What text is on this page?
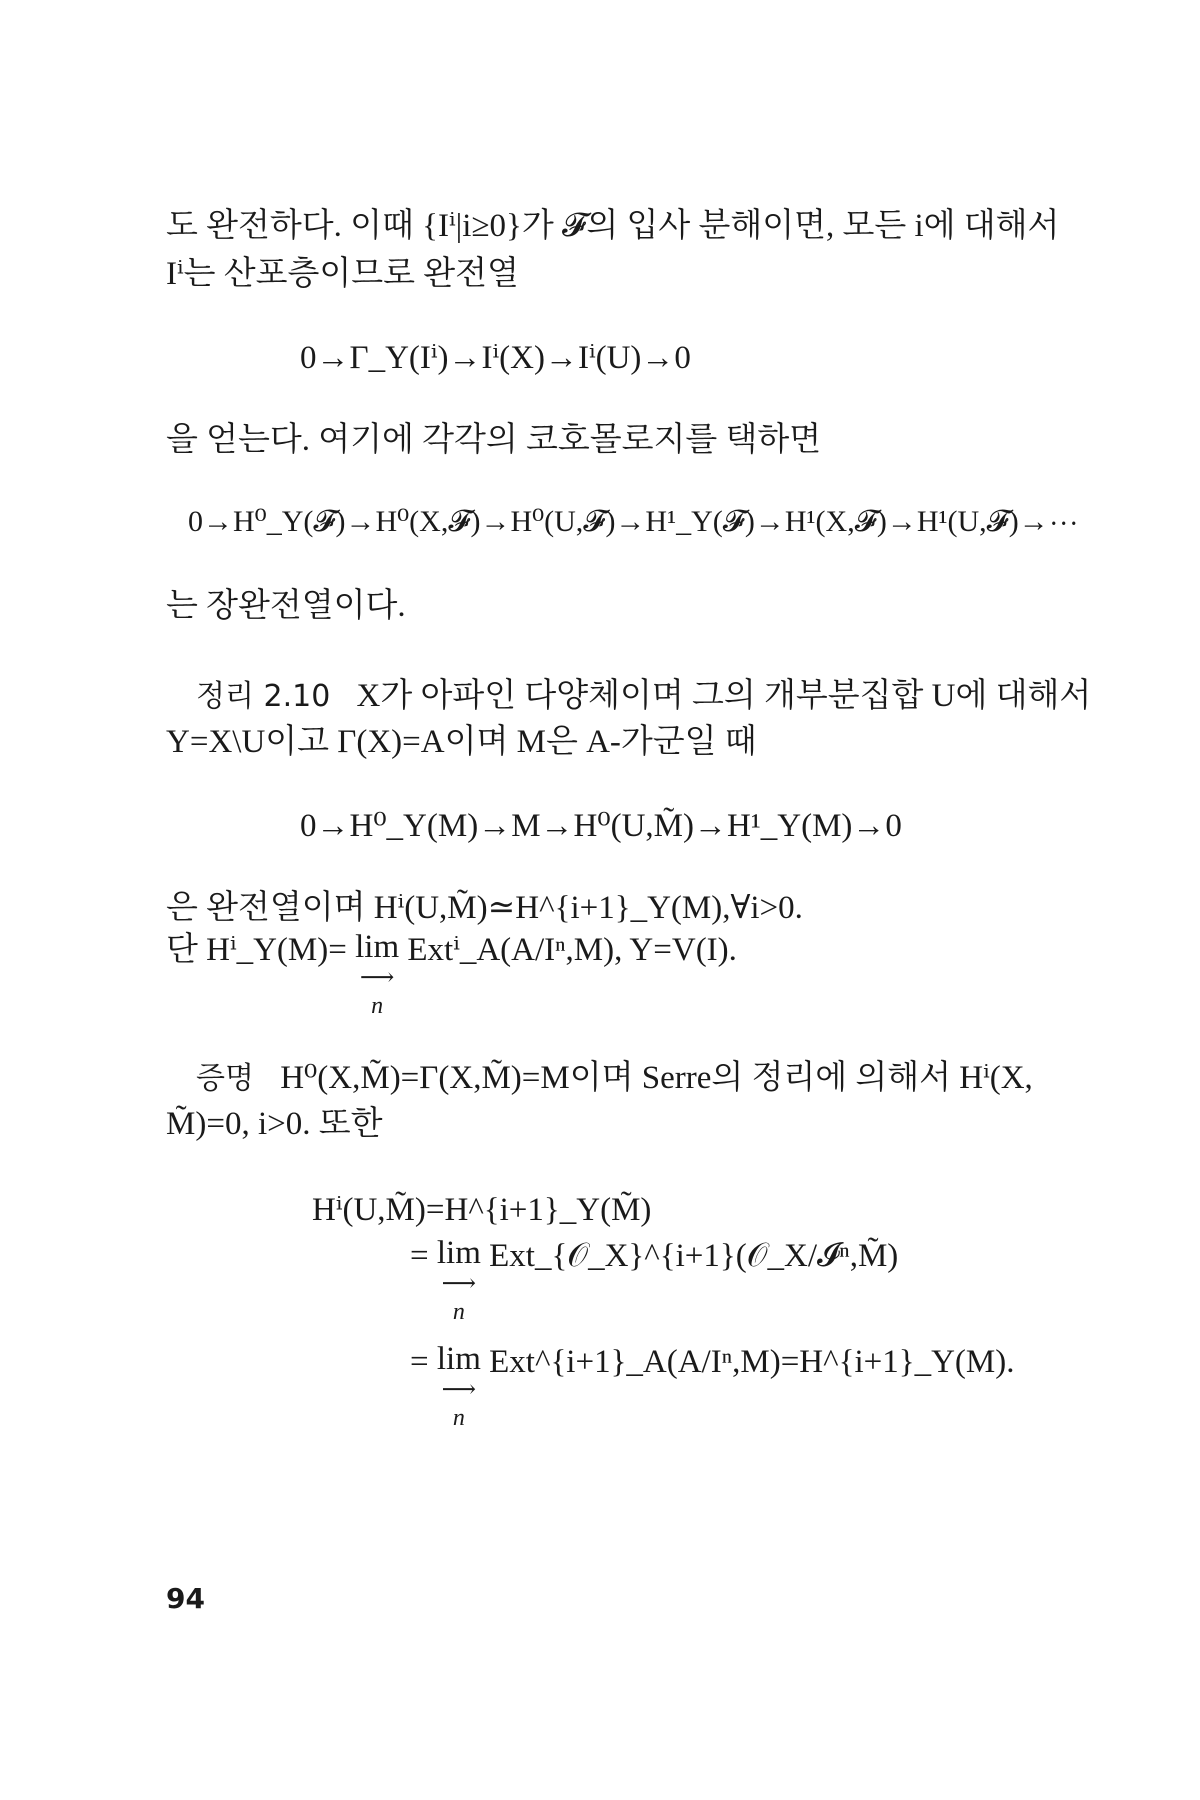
도 완전하다. 이때 {Iⁱ|i≥0}가 𝓕의 입사 분해이면, 모든 i에 대해서
Iⁱ는 산포층이므로 완전열
0→Γ_Y(Iⁱ)→Iⁱ(X)→Iⁱ(U)→0
을 얻는다. 여기에 각각의 코호몰로지를 택하면
0→H⁰_Y(𝓕)→H⁰(X,𝓕)→H⁰(U,𝓕)→H¹_Y(𝓕)→H¹(X,𝓕)→H¹(U,𝓕)→⋯
는 장완전열이다.
정리 2.10 X가 아파인 다양체이며 그의 개부분집합 U에 대해서
Y=X\U이고 Γ(X)=A이며 M은 A-가군일 때
0→H⁰_Y(M)→M→H⁰(U,M̃)→H¹_Y(M)→0
은 완전열이며 Hⁱ(U,M̃)≃H^{i+1}_Y(M),∀i>0.
단 Hⁱ_Y(M)= lim
⟶
n
Extⁱ_A(A/Iⁿ,M), Y=V(I).
증명 H⁰(X,M̃)=Γ(X,M̃)=M이며 Serre의 정리에 의해서 Hⁱ(X,
M̃)=0, i>0. 또한
Hⁱ(U,M̃)=H^{i+1}_Y(M̃)
= lim
⟶
n
Ext_{𝒪_X}^{i+1}(𝒪_X/𝓘ⁿ,M̃)
= lim
⟶
n
Ext^{i+1}_A(A/Iⁿ,M)=H^{i+1}_Y(M).
94
